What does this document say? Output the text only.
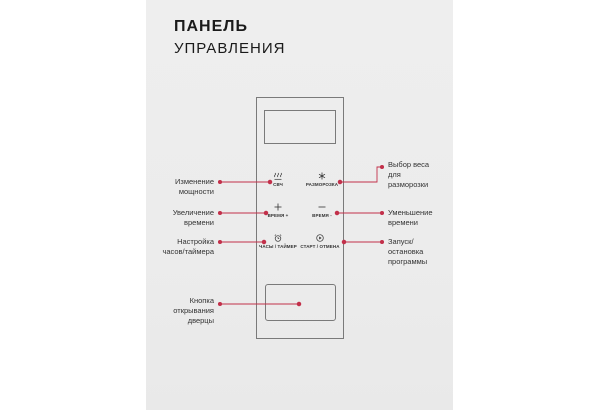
ПАНЕЛЬ
УПРАВЛЕНИЯ
СВЧ	РАЗМОРОЗКА
ВРЕМЯ +	ВРЕМЯ -
ЧАСЫ / ТАЙМЕР СТАРТ / ОТМЕНА

Изменение
мощности

Выбор веса
для
разморозки

Увеличение
времени

Уменьшение
времени

Настройка
часов/таймера

Запуск/
остановка
программы

Кнопка
открывания
дверцы
